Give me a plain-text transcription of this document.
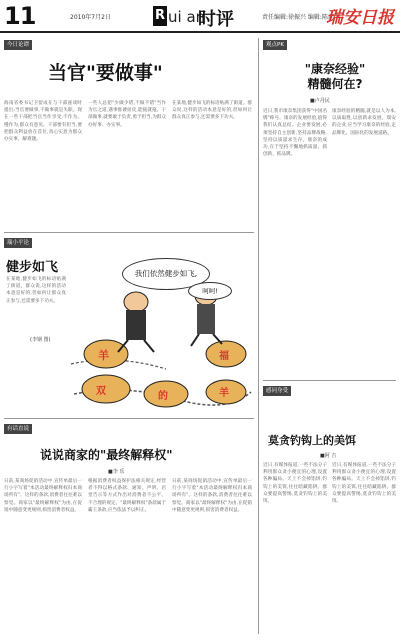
11	2010年7月2日	R ui an
时评	责任编辑:徐振兴 编辑:陈前明
瑞安日报
今日论谭
当官"要做事"
海南省委书记卫留成在与干部座谈时提出:当官要做事,不做事就是失职。现在一些干部把当官当作享受,不作为、慢作为,群众有意见。干部要有担当,要把群众利益放在首位,真心实意为群众办实事、解难题。
一些人总把"少做少错,不做不错"当作为官之道,遇事推诿扯皮,能拖就拖。干部做事,就要敢于负责,勇于担当,为群众办好事、办实事。
在某地,健步如飞的标语贴满了街道。群众说,这样的活动本意是好的,但如何让群众真正参与,还需要多下功夫。
瑞小平论
健步如飞
在某地,健步如飞的标语贴满了街道。群众说,这样的活动本意是好的,但如何让群众真正参与,还需要多下功夫。
(李钢 图)
羊
双	的
福
羊
我们依然健步如飞,
呵呵!
有话直说
说说商家的"最终解释权"
■李 乐
日前,某商场促销活动中,宣传单最后一行小字写着"本活动最终解释权归本商场所有"。这样的条款,消费者往往难以察觉。商家以"最终解释权"为由,在促销中随意变更规则,损害消费者权益。
根据消费者权益保护法相关规定,经营者不得以格式条款、通知、声明、店堂告示等方式作出对消费者不公平、不合理的规定。"最终解释权"条款属于霸王条款,应当依法予以纠正。
日前,某商场促销活动中,宣传单最后一行小字写着"本活动最终解释权归本商场所有"。这样的条款,消费者往往难以察觉。商家以"最终解释权"为由,在促销中随意变更规则,损害消费者权益。
观点PK
"康奈经验"
精髓何在?
■卢丹民
近日,我市康奈集团获得"中国名牌"称号。康奈的发展经验,值得我们认真总结。企业要发展,必须坚持自主创新,坚持品牌战略,坚持以质量求生存。康奈的成功,在于坚持不懈地抓质量、抓创新、抓品牌。
康奈经验的精髓,就是以人为本,以质取胜,以创新求发展。瑞安的企业,应当学习康奈的经验,走品牌化、国际化的发展道路。
感同身受
莫贪钓钩上的美饵
■阿 吉
近日,有媒体报道,一些不法分子利用群众贪小便宜的心理,设置各种骗局。天上不会掉馅饼,钓钩上的美饵,往往暗藏陷阱。群众要提高警惕,莫贪钓钩上的美饵。
近日,有媒体报道,一些不法分子利用群众贪小便宜的心理,设置各种骗局。天上不会掉馅饼,钓钩上的美饵,往往暗藏陷阱。群众要提高警惕,莫贪钓钩上的美饵。
